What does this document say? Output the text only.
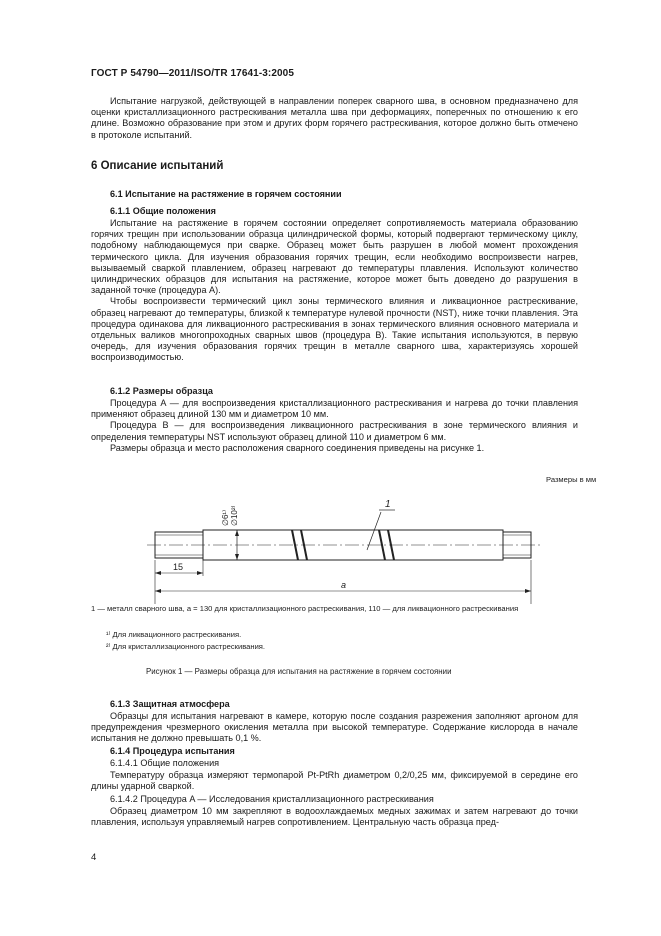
ГОСТ Р 54790—2011/ISO/TR 17641-3:2005

Испытание нагрузкой, действующей в направлении поперек сварного шва, в основном предназначено для оценки кристаллизационного растрескивания металла шва при деформациях, поперечных по отношению к его длине. Возможно образование при этом и других форм горячего растрескивания, которое должно быть отмечено в протоколе испытаний.

6 Описание испытаний
6.1 Испытание на растяжение в горячем состоянии
6.1.1 Общие положения

Испытание на растяжение в горячем состоянии определяет сопротивляемость материала образованию горячих трещин при использовании образца цилиндрической формы, который подвергают термическому циклу, подобному наблюдающемуся при сварке. Образец может быть разрушен в любой момент прохождения термического цикла. Для изучения образования горячих трещин, если необходимо воспроизвести нагрев, вызываемый сваркой плавлением, образец нагревают до температуры плавления. Используют количество цилиндрических образцов для испытания на растяжение, которое может быть доведено до разрушения в заданной точке (процедура A).

Чтобы воспроизвести термический цикл зоны термического влияния и ликвационное растрескивание, образец нагревают до температуры, близкой к температуре нулевой прочности (NST), ниже точки плавления. Эта процедура одинакова для ликвационного растрескивания в зонах термического влияния основного материала и отдельных валиков многопроходных сварных швов (процедура B). Такие испытания используются, в первую очередь, для изучения образования горячих трещин в металле сварного шва, характеризуясь хорошей воспроизводимостью.

6.1.2 Размеры образца

Процедура A — для воспроизведения кристаллизационного растрескивания и нагрева до точки плавления применяют образец длиной 130 мм и диаметром 10 мм.

Процедура B — для воспроизведения ликвационного растрескивания в зоне термического влияния и определения температуры NST используют образец длиной 110 и диаметром 6 мм.

Размеры образца и место расположения сварного соединения приведены на рисунке 1.

Размеры в мм
1
15
a
∅6¹⁾ ∅10²⁾
1 — металл сварного шва, a = 130 для кристаллизационного растрескивания, 110 — для ликвационного растрескивания
¹⁾ Для ликвационного растрескивания.
²⁾ Для кристаллизационного растрескивания.
Рисунок 1 — Размеры образца для испытания на растяжение в горячем состоянии
6.1.3 Защитная атмосфера

Образцы для испытания нагревают в камере, которую после создания разрежения заполняют аргоном для предупреждения чрезмерного окисления металла при высокой температуре. Содержание кислорода в начале испытания не должно превышать 0,1 %.

6.1.4 Процедура испытания
6.1.4.1 Общие положения

Температуру образца измеряют термопарой Pt-PtRh диаметром 0,2/0,25 мм, фиксируемой в середине его длины ударной сваркой.

6.1.4.2 Процедура A — Исследования кристаллизационного растрескивания

Образец диаметром 10 мм закрепляют в водоохлаждаемых медных зажимах и затем нагревают до точки плавления, используя управляемый нагрев сопротивлением. Центральную часть образца пред-

4
